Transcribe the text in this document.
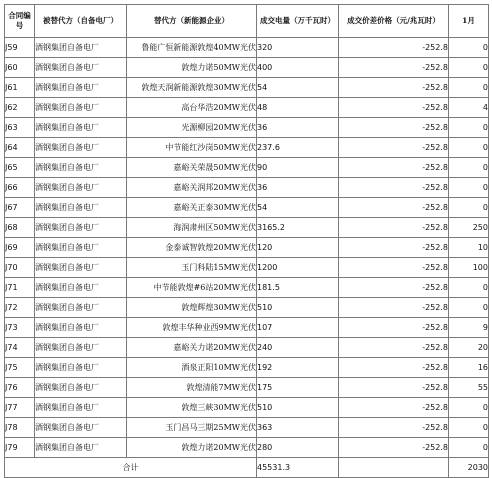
合同编号	被替代方（自备电厂）	替代方（新能源企业）	成交电量（万千瓦时）	成交价差价格（元/兆瓦时）	1月
J59	酒钢集团自备电厂	鲁能广恒新能源敦煌40MW光伏	320	-252.8	0
J60	酒钢集团自备电厂	敦煌力诺50MW光伏	400	-252.8	0
J61	酒钢集团自备电厂	敦煌天润新能源敦煌30MW光伏	54	-252.8	0
J62	酒钢集团自备电厂	高台华浩20MW光伏	48	-252.8	4
J63	酒钢集团自备电厂	光源柳园20MW光伏	36	-252.8	0
J64	酒钢集团自备电厂	中节能红沙岗50MW光伏	237.6	-252.8	0
J65	酒钢集团自备电厂	嘉峪关荣晟50MW光伏	90	-252.8	0
J66	酒钢集团自备电厂	嘉峪关润邦20MW光伏	36	-252.8	0
J67	酒钢集团自备电厂	嘉峪关正泰30MW光伏	54	-252.8	0
J68	酒钢集团自备电厂	海润肃州区50MW光伏	3165.2	-252.8	250
J69	酒钢集团自备电厂	金泰诚智敦煌20MW光伏	120	-252.8	10
J70	酒钢集团自备电厂	玉门科陆15MW光伏	1200	-252.8	100
J71	酒钢集团自备电厂	中节能敦煌#6站20MW光伏	181.5	-252.8	0
J72	酒钢集团自备电厂	敦煌辉煌30MW光伏	510	-252.8	0
J73	酒钢集团自备电厂	敦煌丰华种业西9MW光伏	107	-252.8	9
J74	酒钢集团自备电厂	嘉峪关力诺20MW光伏	240	-252.8	20
J75	酒钢集团自备电厂	酒泉正阳10MW光伏	192	-252.8	16
J76	酒钢集团自备电厂	敦煌清能7MW光伏	175	-252.8	55
J77	酒钢集团自备电厂	敦煌三峡30MW光伏	510	-252.8	0
J78	酒钢集团自备电厂	玉门昌马三期25MW光伏	363	-252.8	0
J79	酒钢集团自备电厂	敦煌力诺20MW光伏	280	-252.8	0
合计			45531.3		2030
